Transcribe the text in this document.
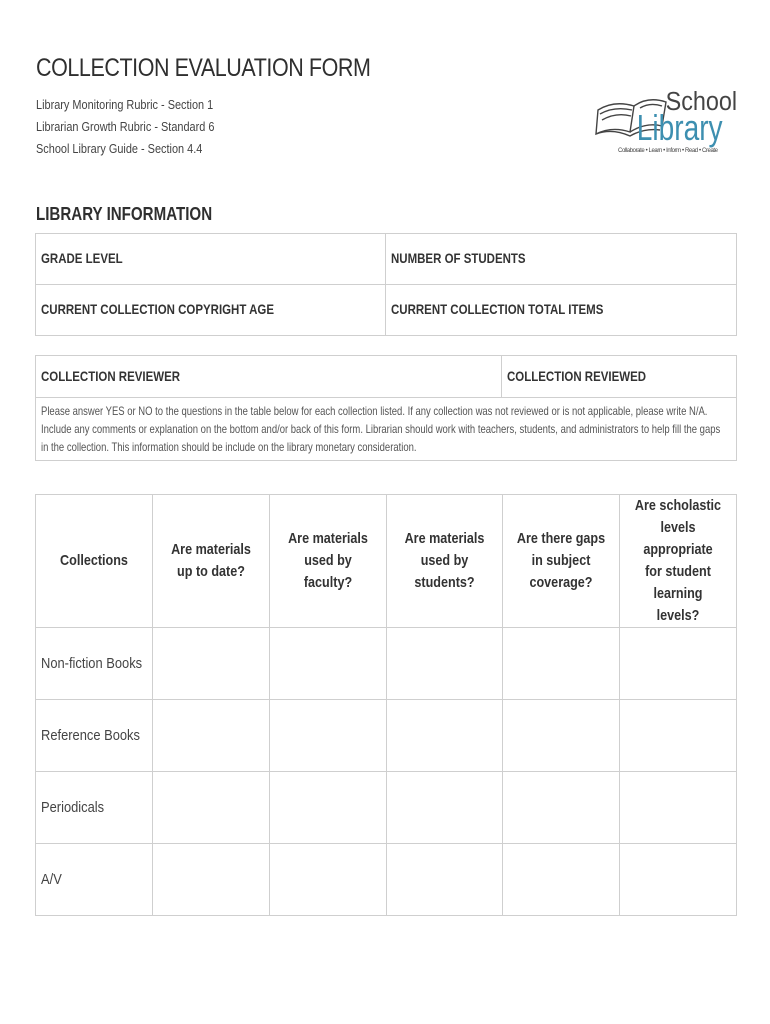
COLLECTION EVALUATION FORM
Library Monitoring Rubric - Section 1
Librarian Growth Rubric - Standard 6
School Library Guide - Section 4.4
School
Library
Collaborate • Learn • Inform • Read • Create
LIBRARY INFORMATION
GRADE LEVEL	NUMBER OF STUDENTS
CURRENT COLLECTION COPYRIGHT AGE	CURRENT COLLECTION TOTAL ITEMS
COLLECTION REVIEWER	COLLECTION REVIEWED

Please answer YES or NO to the questions in the table below for each collection listed. If any collection was not reviewed or is not applicable, please write N/A. Include any comments or explanation on the bottom and/or back of this form. Librarian should work with teachers, students, and administrators to help fill the gaps in the collection. This information should be include on the library monetary consideration.
Collections	Are materials up to date?	Are materials used by faculty?	Are materials used by students?	Are there gaps in subject coverage?	Are scholastic levels appropriate for student learning levels?

Non-fiction Books					
Reference Books					
Periodicals					
A/V					
